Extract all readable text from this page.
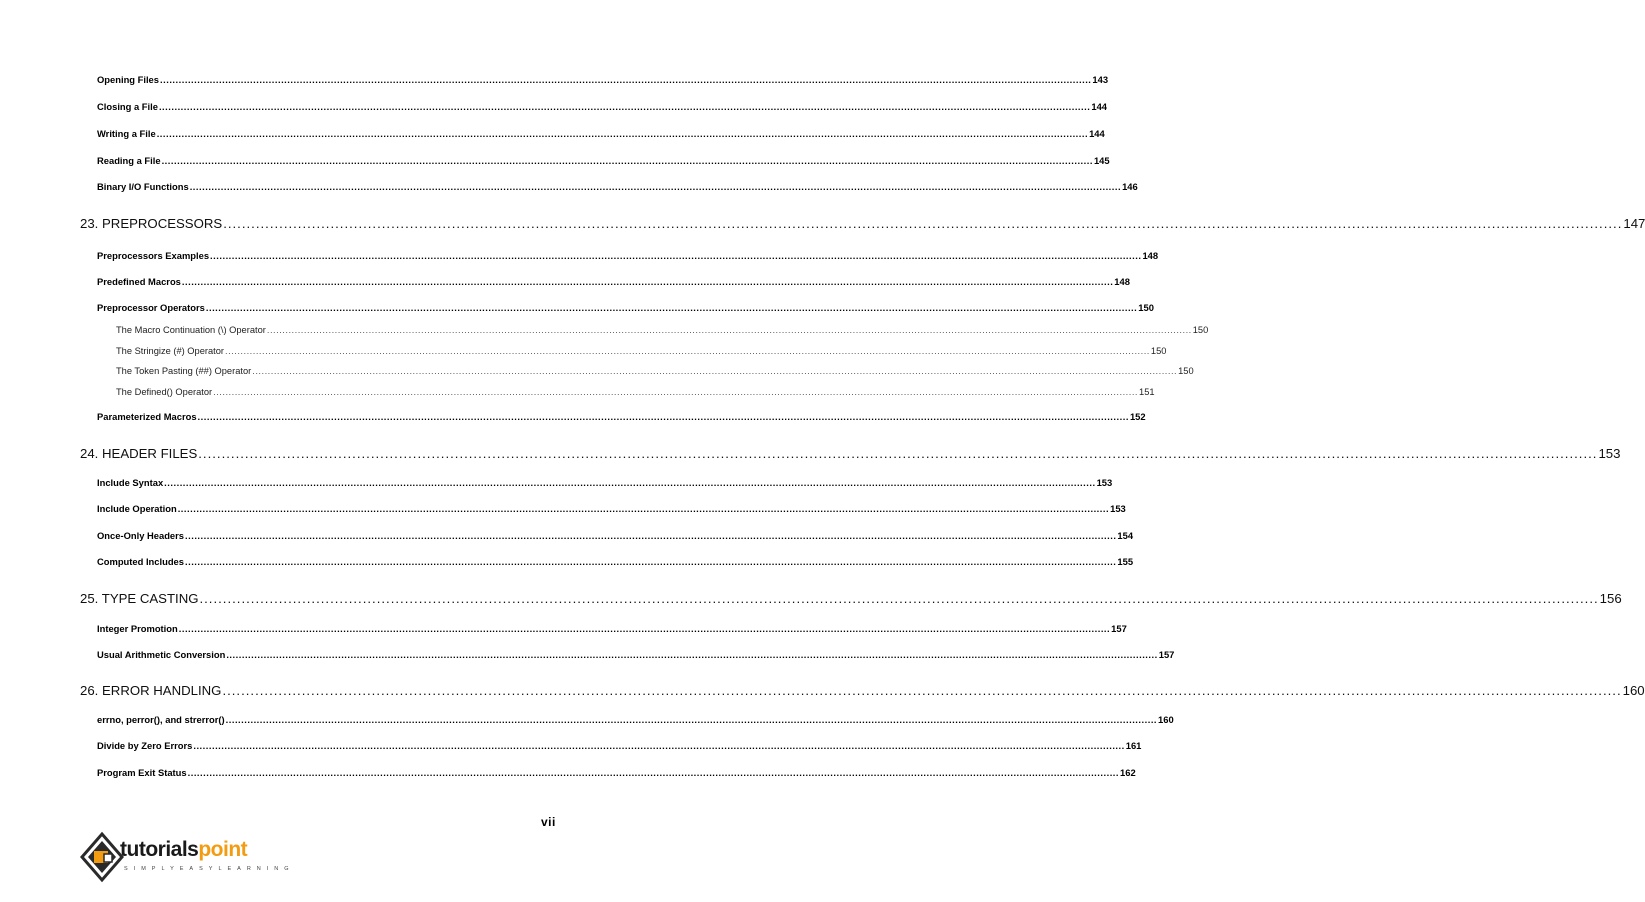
Opening Files ............................................................................................................................................................................................................................................................................................................ 143
Closing a File ............................................................................................................................................................................................................................................................................................................ 144
Writing a File ............................................................................................................................................................................................................................................................................................................ 144
Reading a File ............................................................................................................................................................................................................................................................................................................ 145
Binary I/O Functions ............................................................................................................................................................................................................................................................................................................ 146
23. PREPROCESSORS ............................................................................................................................................................................................................................................................................................................ 147
Preprocessors Examples ............................................................................................................................................................................................................................................................................................................ 148
Predefined Macros ............................................................................................................................................................................................................................................................................................................ 148
Preprocessor Operators ............................................................................................................................................................................................................................................................................................................ 150
The Macro Continuation (\) Operator ............................................................................................................................................................................................................................................................................................................ 150
The Stringize (#) Operator ............................................................................................................................................................................................................................................................................................................ 150
The Token Pasting (##) Operator ............................................................................................................................................................................................................................................................................................................ 150
The Defined() Operator ............................................................................................................................................................................................................................................................................................................ 151
Parameterized Macros ............................................................................................................................................................................................................................................................................................................ 152
24. HEADER FILES ............................................................................................................................................................................................................................................................................................................ 153
Include Syntax ............................................................................................................................................................................................................................................................................................................ 153
Include Operation ............................................................................................................................................................................................................................................................................................................ 153
Once-Only Headers ............................................................................................................................................................................................................................................................................................................ 154
Computed Includes ............................................................................................................................................................................................................................................................................................................ 155
25. TYPE CASTING ............................................................................................................................................................................................................................................................................................................ 156
Integer Promotion ............................................................................................................................................................................................................................................................................................................ 157
Usual Arithmetic Conversion ............................................................................................................................................................................................................................................................................................................ 157
26. ERROR HANDLING ............................................................................................................................................................................................................................................................................................................ 160
errno, perror(), and strerror() ............................................................................................................................................................................................................................................................................................................ 160
Divide by Zero Errors ............................................................................................................................................................................................................................................................................................................ 161
Program Exit Status ............................................................................................................................................................................................................................................................................................................ 162
vii
tutorialspoint
SIMPLYEASYLEARNING
